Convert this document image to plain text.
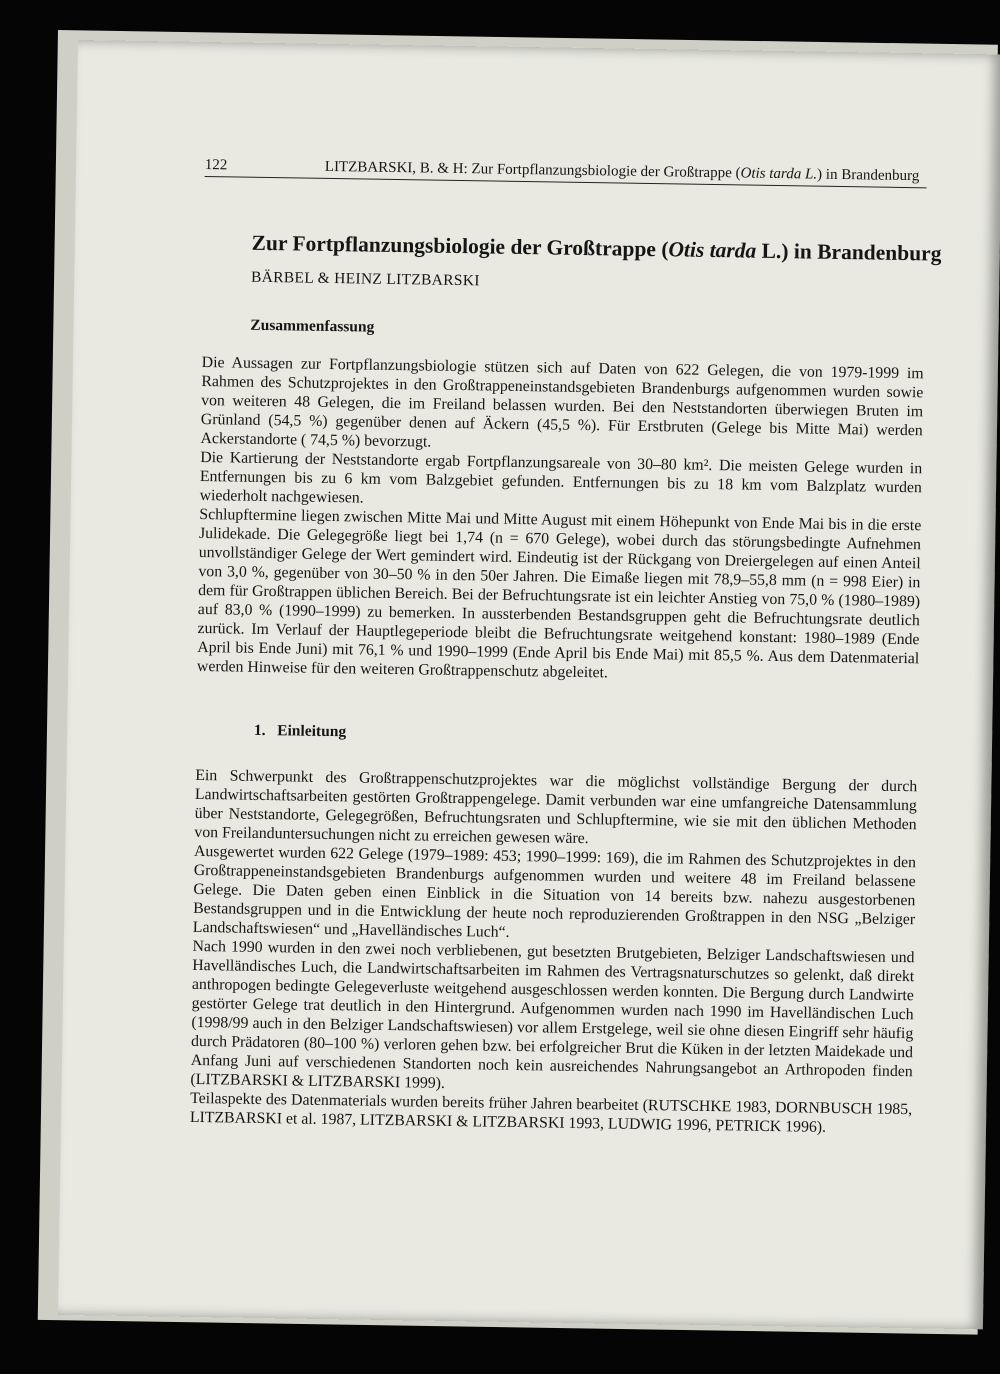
122	LITZBARSKI, B. & H: Zur Fortpflanzungsbiologie der Großtrappe (Otis tarda L.) in Brandenburg
Zur Fortpflanzungsbiologie der Großtrappe (Otis tarda L.) in Brandenburg
BÄRBEL & HEINZ LITZBARSKI
Zusammenfassung

Die Aussagen zur Fortpflanzungsbiologie stützen sich auf Daten von 622 Gelegen, die von 1979-1999 im Rahmen des Schutzprojektes in den Großtrappeneinstandsgebieten Brandenburgs aufgenommen wurden sowie von weiteren 48 Gelegen, die im Freiland belassen wurden. Bei den Neststandorten überwiegen Bruten im Grünland (54,5 %) gegenüber denen auf Äckern (45,5 %). Für Erstbruten (Gelege bis Mitte Mai) werden Ackerstandorte ( 74,5 %) bevorzugt.

Die Kartierung der Neststandorte ergab Fortpflanzungsareale von 30–80 km². Die meisten Gelege wurden in Entfernungen bis zu 6 km vom Balzgebiet gefunden. Entfernungen bis zu 18 km vom Balzplatz wurden wiederholt nachgewiesen.

Schlupftermine liegen zwischen Mitte Mai und Mitte August mit einem Höhepunkt von Ende Mai bis in die erste Julidekade. Die Gelegegröße liegt bei 1,74 (n = 670 Gelege), wobei durch das störungsbedingte Aufnehmen unvollständiger Gelege der Wert gemindert wird. Eindeutig ist der Rückgang von Dreiergelegen auf einen Anteil von 3,0 %, gegenüber von 30–50 % in den 50er Jahren. Die Eimaße liegen mit 78,9–55,8 mm (n = 998 Eier) in dem für Großtrappen üblichen Bereich. Bei der Befruchtungsrate ist ein leichter Anstieg von 75,0 % (1980–1989) auf 83,0 % (1990–1999) zu bemerken. In aussterbenden Bestandsgruppen geht die Befruchtungsrate deutlich zurück. Im Verlauf der Hauptlegeperiode bleibt die Befruchtungsrate weitgehend konstant: 1980–1989 (Ende April bis Ende Juni) mit 76,1 % und 1990–1999 (Ende April bis Ende Mai) mit 85,5 %. Aus dem Datenmaterial werden Hinweise für den weiteren Großtrappenschutz abgeleitet.

1.   Einleitung

Ein Schwerpunkt des Großtrappenschutzprojektes war die möglichst vollständige Bergung der durch Landwirtschaftsarbeiten gestörten Großtrappengelege. Damit verbunden war eine umfangreiche Datensammlung über Neststandorte, Gelegegrößen, Befruchtungsraten und Schlupftermine, wie sie mit den üblichen Methoden von Freilanduntersuchungen nicht zu erreichen gewesen wäre.

Ausgewertet wurden 622 Gelege (1979–1989: 453; 1990–1999: 169), die im Rahmen des Schutzprojektes in den Großtrappeneinstandsgebieten Brandenburgs aufgenommen wurden und weitere 48 im Freiland belassene Gelege. Die Daten geben einen Einblick in die Situation von 14 bereits bzw. nahezu ausgestorbenen Bestandsgruppen und in die Entwicklung der heute noch reproduzierenden Großtrappen in den NSG „Belziger Landschaftswiesen“ und „Havelländisches Luch“.

Nach 1990 wurden in den zwei noch verbliebenen, gut besetzten Brutgebieten, Belziger Landschaftswiesen und Havelländisches Luch, die Landwirtschaftsarbeiten im Rahmen des Vertragsnaturschutzes so gelenkt, daß direkt anthropogen bedingte Gelegeverluste weitgehend ausgeschlossen werden konnten. Die Bergung durch Landwirte gestörter Gelege trat deutlich in den Hintergrund. Aufgenommen wurden nach 1990 im Havelländischen Luch (1998/99 auch in den Belziger Landschaftswiesen) vor allem Erstgelege, weil sie ohne diesen Eingriff sehr häufig durch Prädatoren (80–100 %) verloren gehen bzw. bei erfolgreicher Brut die Küken in der letzten Maidekade und Anfang Juni auf verschiedenen Standorten noch kein ausreichendes Nahrungsangebot an Arthropoden finden (LITZBARSKI & LITZBARSKI 1999).

Teilaspekte des Datenmaterials wurden bereits früher Jahren bearbeitet (RUTSCHKE 1983, DORNBUSCH 1985, LITZBARSKI et al. 1987, LITZBARSKI & LITZBARSKI 1993, LUDWIG 1996, PETRICK 1996).
